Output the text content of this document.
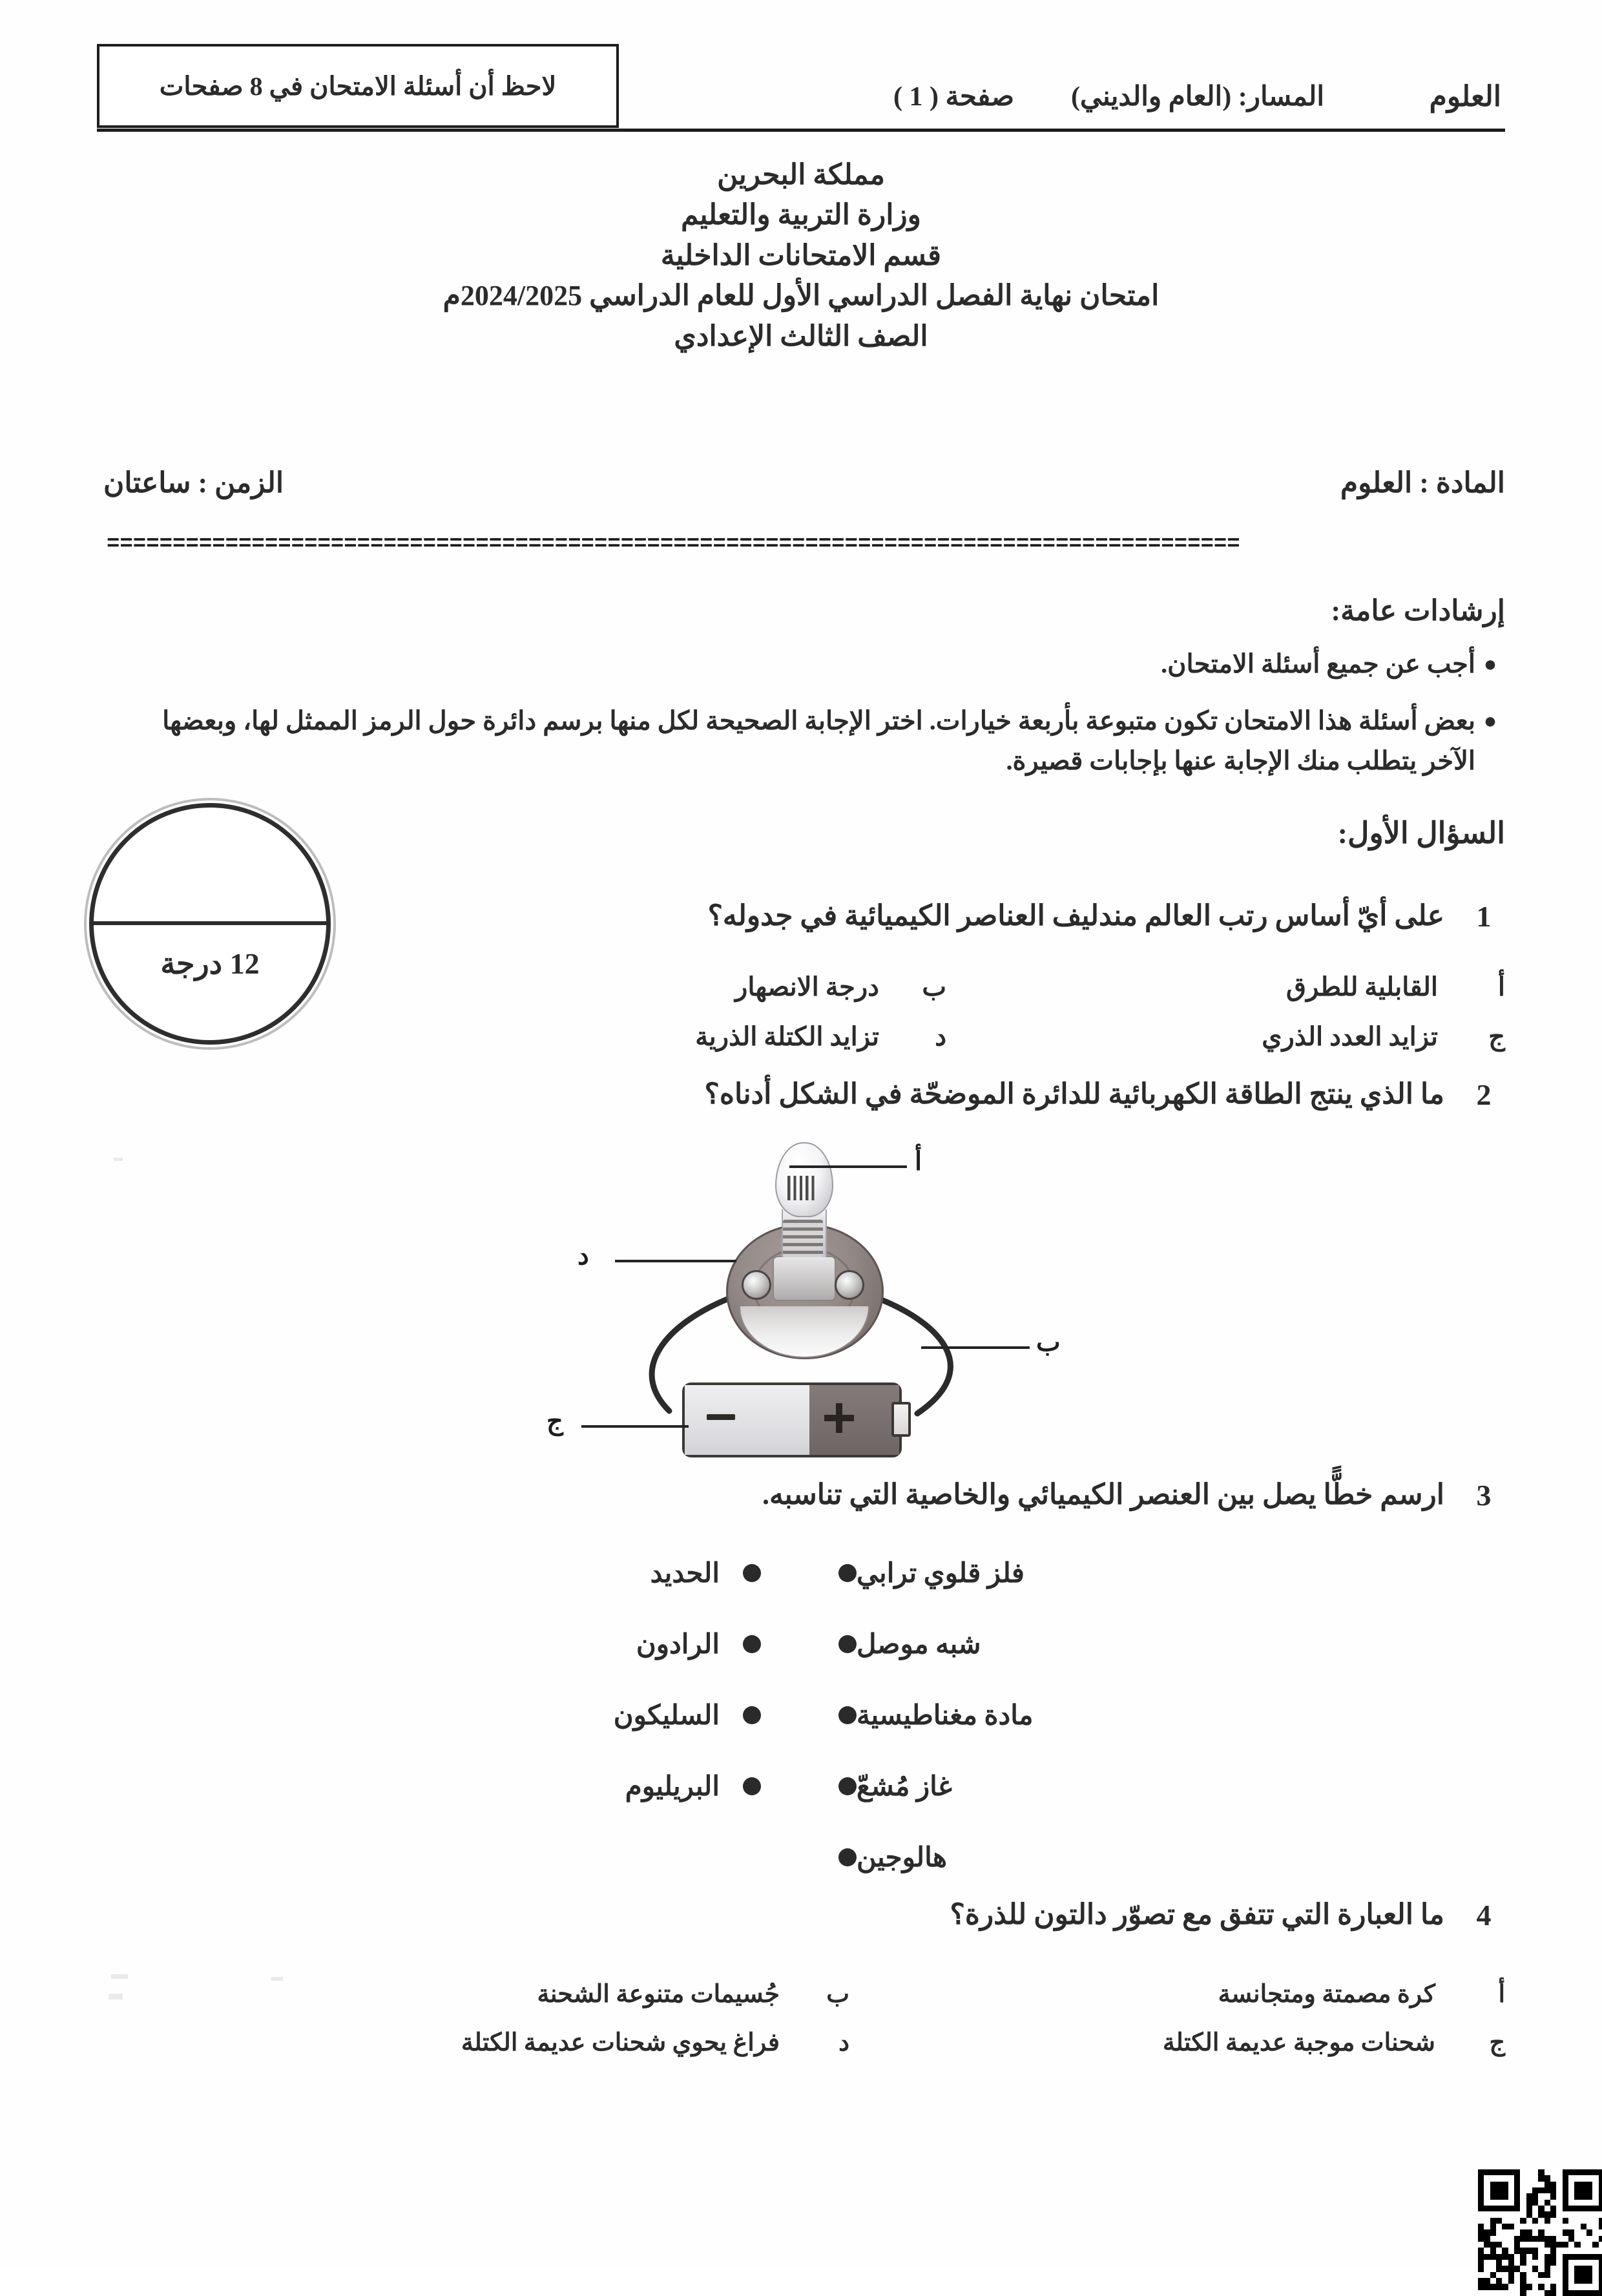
العلوم
المسار: (العام والديني)
صفحة ( 1 )
لاحظ أن أسئلة الامتحان في 8 صفحات
مملكة البحرين
وزارة التربية والتعليم
قسم الامتحانات الداخلية
امتحان نهاية الفصل الدراسي الأول للعام الدراسي 2024/2025م
الصف الثالث الإعدادي
المادة : العلوم
الزمن : ساعتان
======================================================================================
إرشادات عامة:
●
أجب عن جميع أسئلة الامتحان.
●
بعض أسئلة هذا الامتحان تكون متبوعة بأربعة خيارات. اختر الإجابة الصحيحة لكل منها برسم دائرة حول الرمز الممثل لها، وبعضها الآخر يتطلب منك الإجابة عنها بإجابات قصيرة.
السؤال الأول:
12 درجة
1
على أيّ أساس رتب العالم مندليف العناصر الكيميائية في جدوله؟
أ
القابلية للطرق
ب
درجة الانصهار
ج
تزايد العدد الذري
د
تزايد الكتلة الذرية
2
ما الذي ينتج الطاقة الكهربائية للدائرة الموضحّة في الشكل أدناه؟
أ
د
ب
ج
3
ارسم خطًّا يصل بين العنصر الكيميائي والخاصية التي تناسبه.
فلز قلوي ترابي
الحديد
شبه موصل
الرادون
مادة مغناطيسية
السليكون
غاز مُشعّ
البريليوم
هالوجين
4
ما العبارة التي تتفق مع تصوّر دالتون للذرة؟
أ
كرة مصمتة ومتجانسة
ب
جُسيمات متنوعة الشحنة
ج
شحنات موجبة عديمة الكتلة
د
فراغ يحوي شحنات عديمة الكتلة
